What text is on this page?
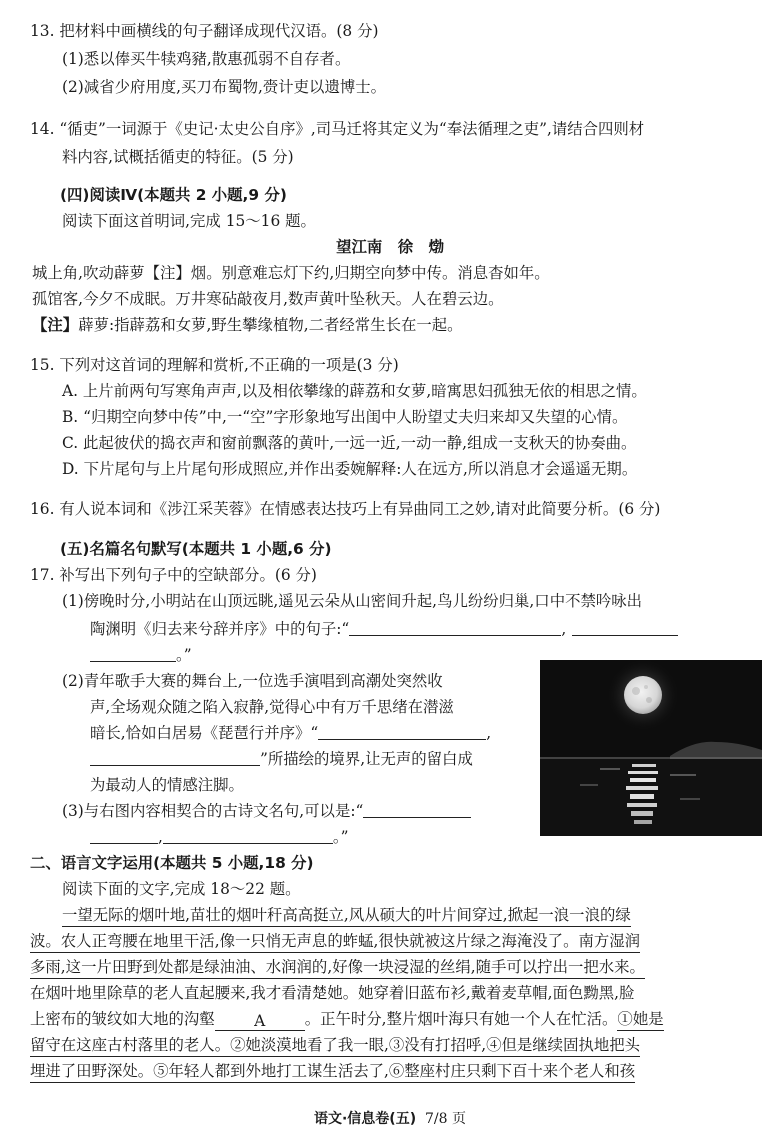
13. 把材料中画横线的句子翻译成现代汉语。(8 分)
(1)悉以俸买牛犊鸡豬,散惠孤弱不自存者。
(2)减省少府用度,买刀布蜀物,赍计吏以遗博士。
14. “循吏”一词源于《史记·太史公自序》,司马迁将其定义为“奉法循理之吏”,请结合四则材
料内容,试概括循吏的特征。(5 分)
(四)阅读Ⅳ(本题共 2 小题,9 分)
阅读下面这首明词,完成 15～16 题。
望江南　徐　𤊹
城上角,吹动薜萝【注】烟。别意难忘灯下约,归期空向梦中传。消息杳如年。
孤馆客,今夕不成眠。万井寒砧敲夜月,数声黄叶坠秋天。人在碧云边。
【注】薜萝:指薜荔和女萝,野生攀缘植物,二者经常生长在一起。
15. 下列对这首词的理解和赏析,不正确的一项是(3 分)
A. 上片前两句写寒角声声,以及相依攀缘的薜荔和女萝,暗寓思妇孤独无依的相思之情。
B. “归期空向梦中传”中,一“空”字形象地写出闺中人盼望丈夫归来却又失望的心情。
C. 此起彼伏的捣衣声和窗前飘落的黄叶,一远一近,一动一静,组成一支秋天的协奏曲。
D. 下片尾句与上片尾句形成照应,并作出委婉解释:人在远方,所以消息才会遥遥无期。
16. 有人说本词和《涉江采芙蓉》在情感表达技巧上有异曲同工之妙,请对此简要分析。(6 分)
(五)名篇名句默写(本题共 1 小题,6 分)
17. 补写出下列句子中的空缺部分。(6 分)
(1)傍晚时分,小明站在山顶远眺,遥见云朵从山密间升起,鸟儿纷纷归巢,口中不禁吟咏出
陶渊明《归去来兮辞并序》中的句子:“	,
。”
(2)青年歌手大赛的舞台上,一位选手演唱到高潮处突然收
声,全场观众随之陷入寂静,觉得心中有万千思绪在潜滋
暗长,恰如白居易《琵琶行并序》“	,
”所描绘的境界,让无声的留白成
为最动人的情感注脚。
(3)与右图内容相契合的古诗文名句,可以是:“
,	。”
二、语言文字运用(本题共 5 小题,18 分)
阅读下面的文字,完成 18～22 题。
一望无际的烟叶地,苗壮的烟叶秆高高挺立,风从硕大的叶片间穿过,掀起一浪一浪的绿
波。农人正弯腰在地里干活,像一只悄无声息的蚱蜢,很快就被这片绿之海淹没了。南方湿润
多雨,这一片田野到处都是绿油油、水润润的,好像一块浸湿的丝绢,随手可以拧出一把水来。
在烟叶地里除草的老人直起腰来,我才看清楚她。她穿着旧蓝布衫,戴着麦草帽,面色黝黑,脸
上密布的皱纹如大地的沟壑	A	。正午时分,整片烟叶海只有她一个人在忙活。①她是
留守在这座古村落里的老人。②她淡漠地看了我一眼,③没有打招呼,④但是继续固执地把头
埋进了田野深处。⑤年轻人都到外地打工谋生活去了,⑥整座村庄只剩下百十来个老人和孩
语文·信息卷(五) 7/8 页
